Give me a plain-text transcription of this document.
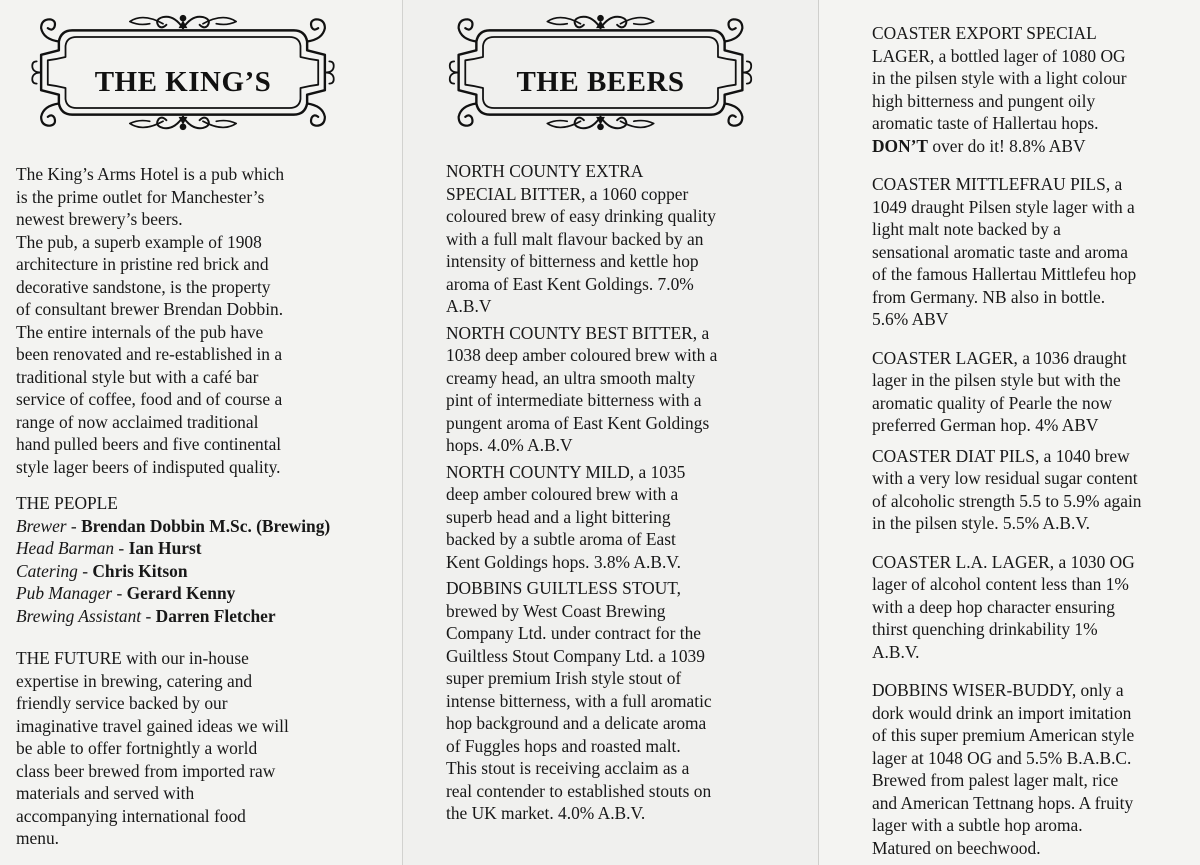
THE KING’S

The King’s Arms Hotel is a pub which

is the prime outlet for Manchester’s

newest brewery’s beers.

The pub, a superb example of 1908

architecture in pristine red brick and

decorative sandstone, is the property

of consultant brewer Brendan Dobbin.

The entire internals of the pub have

been renovated and re-established in a

traditional style but with a café bar

service of coffee, food and of course a

range of now acclaimed traditional

hand pulled beers and five continental

style lager beers of indisputed quality.

THE PEOPLE

Brewer - Brendan Dobbin M.Sc. (Brewing)

Head Barman - Ian Hurst

Catering - Chris Kitson

Pub Manager - Gerard Kenny

Brewing Assistant - Darren Fletcher

THE FUTURE with our in-house

expertise in brewing, catering and

friendly service backed by our

imaginative travel gained ideas we will

be able to offer fortnightly a world

class beer brewed from imported raw

materials and served with

accompanying international food

menu.

THE BEERS

NORTH COUNTY EXTRA

SPECIAL BITTER, a 1060 copper

coloured brew of easy drinking quality

with a full malt flavour backed by an

intensity of bitterness and kettle hop

aroma of East Kent Goldings. 7.0%

A.B.V

NORTH COUNTY BEST BITTER, a

1038 deep amber coloured brew with a

creamy head, an ultra smooth malty

pint of intermediate bitterness with a

pungent aroma of East Kent Goldings

hops. 4.0% A.B.V

NORTH COUNTY MILD, a 1035

deep amber coloured brew with a

superb head and a light bittering

backed by a subtle aroma of East

Kent Goldings hops. 3.8% A.B.V.

DOBBINS GUILTLESS STOUT,

brewed by West Coast Brewing

Company Ltd. under contract for the

Guiltless Stout Company Ltd. a 1039

super premium Irish style stout of

intense bitterness, with a full aromatic

hop background and a delicate aroma

of Fuggles hops and roasted malt.

This stout is receiving acclaim as a

real contender to established stouts on

the UK market. 4.0% A.B.V.

COASTER EXPORT SPECIAL

LAGER, a bottled lager of 1080 OG

in the pilsen style with a light colour

high bitterness and pungent oily

aromatic taste of Hallertau hops.

DON’T over do it! 8.8% ABV

COASTER MITTLEFRAU PILS, a

1049 draught Pilsen style lager with a

light malt note backed by a

sensational aromatic taste and aroma

of the famous Hallertau Mittlefeu hop

from Germany. NB also in bottle.

5.6% ABV

COASTER LAGER, a 1036 draught

lager in the pilsen style but with the

aromatic quality of Pearle the now

preferred German hop. 4% ABV

COASTER DIAT PILS, a 1040 brew

with a very low residual sugar content

of alcoholic strength 5.5 to 5.9% again

in the pilsen style. 5.5% A.B.V.

COASTER L.A. LAGER, a 1030 OG

lager of alcohol content less than 1%

with a deep hop character ensuring

thirst quenching drinkability 1%

A.B.V.

DOBBINS WISER-BUDDY, only a

dork would drink an import imitation

of this super premium American style

lager at 1048 OG and 5.5% B.A.B.C.

Brewed from palest lager malt, rice

and American Tettnang hops. A fruity

lager with a subtle hop aroma.

Matured on beechwood.
